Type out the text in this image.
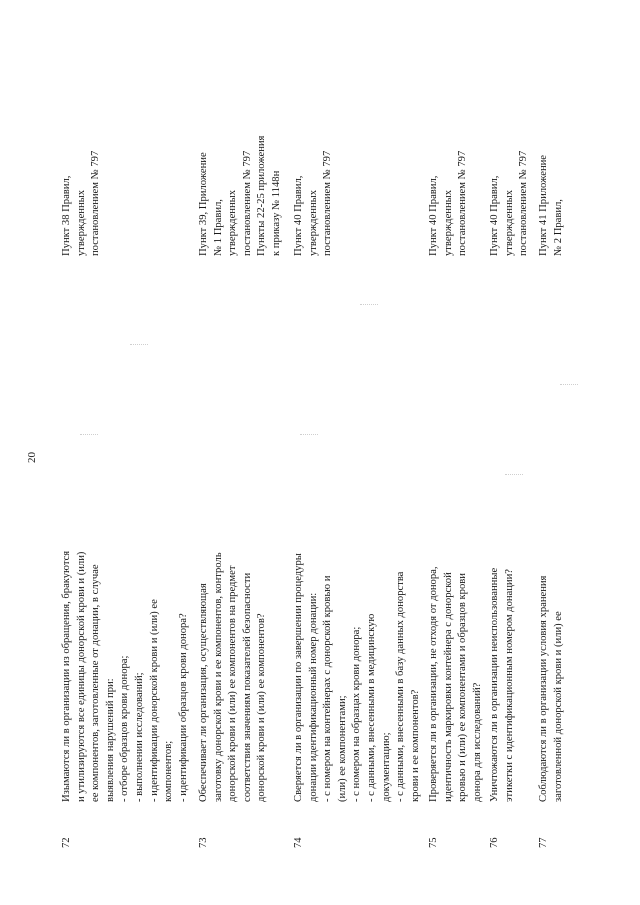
20
72
Изымаются ли в организации из обращения, бракуются и утилизируются все единицы донорской крови и (или) ее компонентов, заготовленные от донации, в случае выявления нарушений при: - отборе образцов крови донора; - выполнении исследований; - идентификации донорской крови и (или) ее компонентов; - идентификации образцов крови донора?
Пункт 38 Правил, утвержденных постановлением № 797
73
Обеспечивает ли организация, осуществляющая заготовку донорской крови и ее компонентов, контроль донорской крови и (или) ее компонентов на предмет соответствия значениям показателей безопасности донорской крови и (или) ее компонентов?
Пункт 39, Приложение № 1 Правил, утвержденных постановлением № 797 Пункты 22-25 приложения к приказу № 1148н
74
Сверяется ли в организации по завершении процедуры донации идентификационный номер донации: - с номером на контейнерах с донорской кровью и (или) ее компонентами; - с номером на образцах крови донора; - с данными, внесенными в медицинскую документацию; - с данными, внесенными в базу данных донорства крови и ее компонентов?
Пункт 40 Правил, утвержденных постановлением № 797
75
Проверяется ли в организации, не отходя от донора, идентичность маркировки контейнера с донорской кровью и (или) ее компонентами и образцов крови донора для исследований?
Пункт 40 Правил, утвержденных постановлением № 797
76
Уничтожаются ли в организации неиспользованные этикетки с идентификационным номером донации?
Пункт 40 Правил, утвержденных постановлением № 797
77
Соблюдаются ли в организации условия хранения заготовленной донорской крови и (или) ее
Пункт 41 Приложение № 2 Правил,
